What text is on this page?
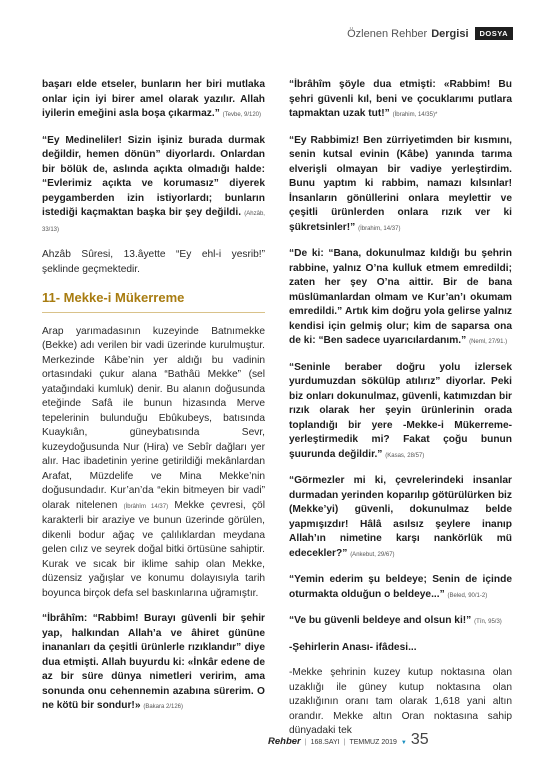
Özlenen Rehber Dergisi	DOSYA

başarı elde etseler, bunların her biri mutlaka onlar için iyi birer amel olarak yazılır. Allah iyilerin emeğini asla boşa çıkarmaz.” (Tevbe, 9/120)

“Ey Medineliler! Sizin işiniz burada durmak değildir, hemen dönün” diyorlardı. Onlardan bir bölük de, aslında açıkta olmadığı halde: “Evlerimiz açıkta ve korumasız” diyerek peygamberden izin istiyorlardı; bunların istediği kaçmaktan başka bir şey değildi. (Ahzâb, 33/13)

Ahzâb Sûresi, 13.âyette “Ey ehl-i yesrib!” şeklinde geçmektedir.

11- Mekke-i Mükerreme

Arap yarımadasının kuzeyinde Batnımekke (Bekke) adı verilen bir vadi üzerinde kurulmuştur. Merkezinde Kâbe’nin yer aldığı bu vadinin ortasındaki çukur alana “Bathâü Mekke” (sel yatağındaki kumluk) denir. Bu alanın doğusunda eteğinde Safâ ile bunun hizasında Merve tepelerinin bulunduğu Ebûkubeys, batısında Kuaykıân, güneybatısında Sevr, kuzeydoğusunda Nur (Hira) ve Sebîr dağları yer alır. Hac ibadetinin yerine getirildiği mekânlardan Arafat, Müzdelife ve Mina Mekke’nin doğusundadır. Kur’an’da “ekin bitmeyen bir vadi” olarak nitelenen (İbrâhîm 14/37) Mekke çevresi, çöl karakterli bir araziye ve bunun üzerinde görülen, dikenli bodur ağaç ve çalılıklardan meydana gelen cılız ve seyrek doğal bitki örtüsüne sahiptir. Kurak ve sıcak bir iklime sahip olan Mekke, düzensiz yağışlar ve konumu dolayısıyla tarih boyunca birçok defa sel baskınlarına uğramıştır.

“İbrâhîm: “Rabbim! Burayı güvenli bir şehir yap, halkından Allah’a ve âhiret gününe inananları da çeşitli ürünlerle rızıklandır” diye dua etmişti. Allah buyurdu ki: «İnkâr edene de az bir süre dünya nimetleri veririm, ama sonunda onu cehennemin azabına sürerim. O ne kötü bir sondur!» (Bakara 2/126)

“İbrâhîm şöyle dua etmişti: «Rabbim! Bu şehri güvenli kıl, beni ve çocuklarımı putlara tapmaktan uzak tut!” (İbrahim, 14/35)*

“Ey Rabbimiz! Ben zürriyetimden bir kısmını, senin kutsal evinin (Kâbe) yanında tarıma elverişli olmayan bir vadiye yerleştirdim. Bunu yaptım ki rabbim, namazı kılsınlar! İnsanların gönüllerini onlara meylettir ve çeşitli ürünlerden onlara rızık ver ki şükretsinler!” (İbrahim, 14/37)

“De ki: “Bana, dokunulmaz kıldığı bu şehrin rabbine, yalnız O’na kulluk etmem emredildi; zaten her şey O’na aittir. Bir de bana müslümanlardan olmam ve Kur’an’ı okumam emredildi.” Artık kim doğru yola gelirse yalnız kendisi için gelmiş olur; kim de saparsa ona de ki: “Ben sadece uyarıcılardanım.” (Neml, 27/91.)

“Seninle beraber doğru yolu izlersek yurdumuzdan sökülüp atılırız” diyorlar. Peki biz onları dokunulmaz, güvenli, katımızdan bir rızık olarak her şeyin ürünlerinin orada toplandığı bir yere -Mekke-i Mükerreme- yerleştirmedik mi? Fakat çoğu bunun şuurunda değildir.” (Kasas, 28/57)

“Görmezler mi ki, çevrelerindeki insanlar durmadan yerinden koparılıp götürülürken biz (Mekke’yi) güvenli, dokunulmaz belde yapmışızdır! Hâlâ asılsız şeylere inanıp Allah’ın nimetine karşı nankörlük mü edecekler?” (Ankebut, 29/67)

“Yemin ederim şu beldeye; Senin de içinde oturmakta olduğun o beldeye...” (Beled, 90/1-2)

“Ve bu güvenli beldeye and olsun ki!” (Tîn, 95/3)

-Şehirlerin Anası- ifâdesi...

-Mekke şehrinin kuzey kutup noktasına olan uzaklığı ile güney kutup noktasına olan uzaklığının oranı tam olarak 1,618 yani altın orandır. Mekke altın Oran noktasına sahip dünyadaki tek

Rehber | 168.SAYI | TEMMUZ 2019 ▼ 35
